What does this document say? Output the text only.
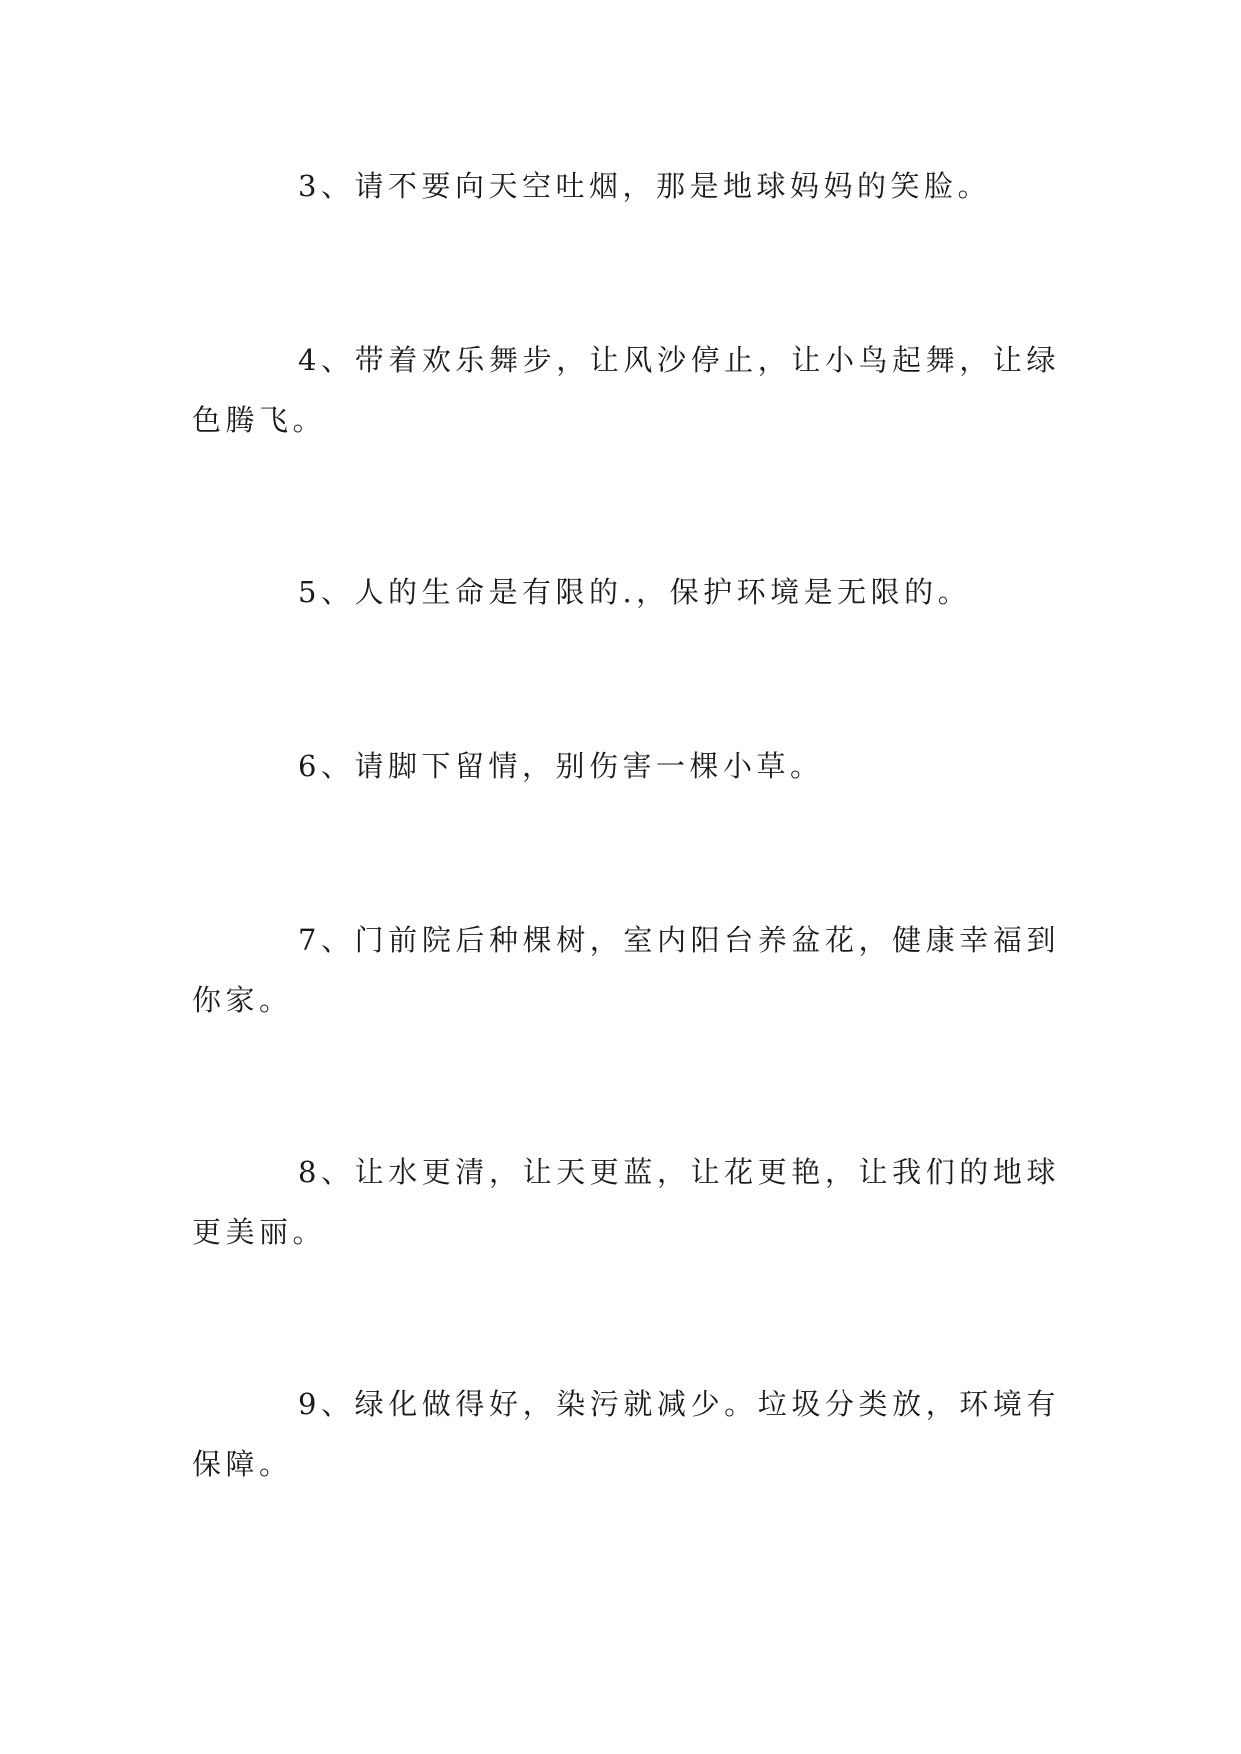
3、请不要向天空吐烟，那是地球妈妈的笑脸。

4、带着欢乐舞步，让风沙停止，让小鸟起舞，让绿色腾飞。

5、人的生命是有限的.，保护环境是无限的。

6、请脚下留情，别伤害一棵小草。

7、门前院后种棵树，室内阳台养盆花，健康幸福到你家。

8、让水更清，让天更蓝，让花更艳，让我们的地球更美丽。

9、绿化做得好，染污就减少。垃圾分类放，环境有保障。
